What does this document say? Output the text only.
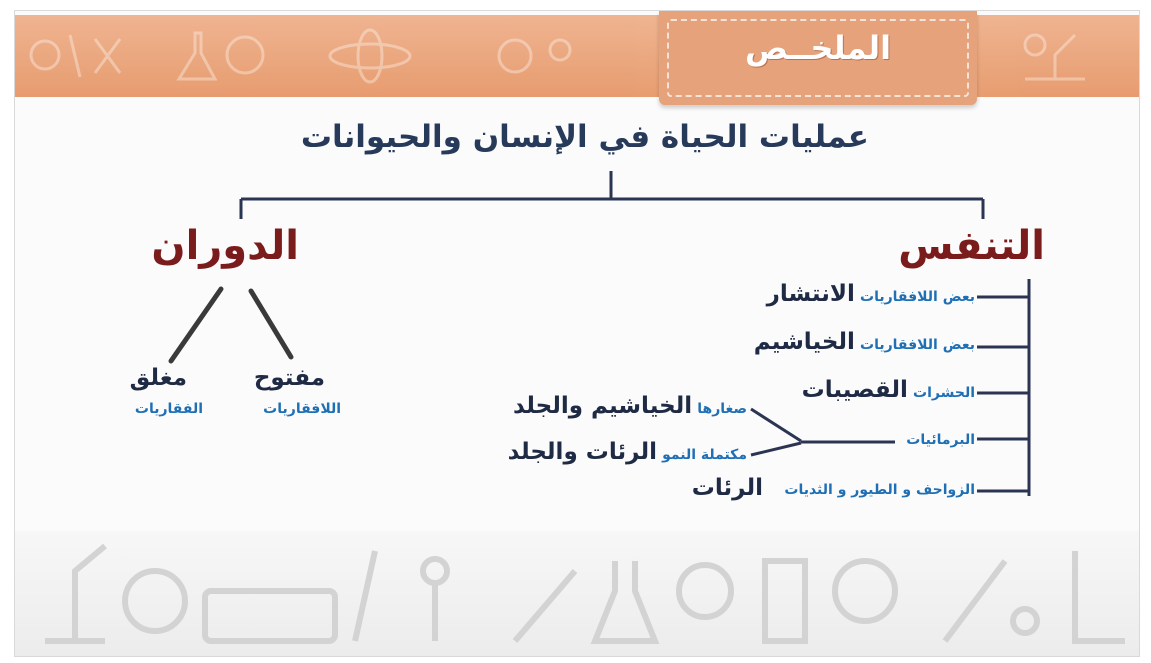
الملخــص
عمليات الحياة في الإنسان والحيوانات
التنفس
الدوران
بعض اللافقاريات الانتشار
بعض اللافقاريات الخياشيم
الحشرات القصيبات
البرمائيات
الزواحف و الطيور و الثديات
الرئات
صغارها الخياشيم والجلد
مكتملة النمو الرئات والجلد
مفتوح
اللافقاريات
مغلق
الفقاريات
